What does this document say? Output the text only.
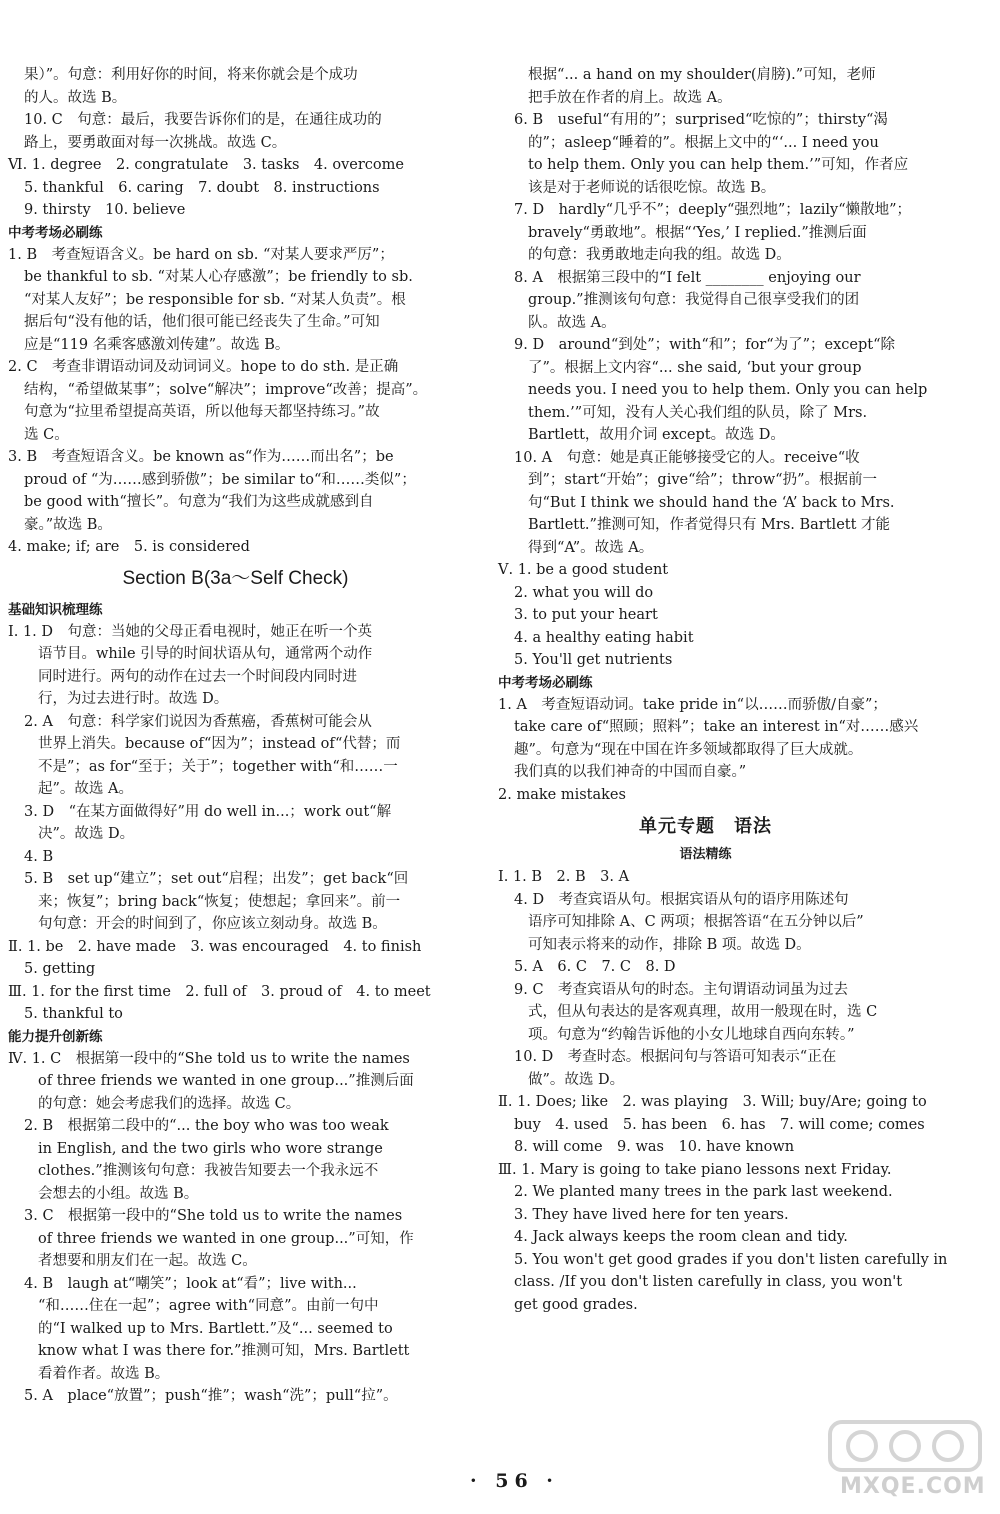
果）”。句意：利用好你的时间，将来你就会是个成功
的人。故选 B。
10. C　句意：最后，我要告诉你们的是，在通往成功的
路上，要勇敢面对每一次挑战。故选 C。
Ⅵ. 1. degree　2. congratulate　3. tasks　4. overcome
5. thankful　6. caring　7. doubt　8. instructions
9. thirsty　10. believe
中考考场必刷练
1. B　考查短语含义。be hard on sb. “对某人要求严厉”；
be thankful to sb. “对某人心存感激”；be friendly to sb.
“对某人友好”；be responsible for sb. “对某人负责”。根
据后句“没有他的话，他们很可能已经丧失了生命。”可知
应是“119 名乘客感激刘传建”。故选 B。
2. C　考查非谓语动词及动词词义。hope to do sth. 是正确
结构，“希望做某事”；solve“解决”；improve“改善；提高”。
句意为“拉里希望提高英语，所以他每天都坚持练习。”故
选 C。
3. B　考查短语含义。be known as“作为……而出名”；be
proud of “为……感到骄傲”；be similar to“和……类似”；
be good with“擅长”。句意为“我们为这些成就感到自
豪。”故选 B。
4. make; if; are　5. is considered
Section B(3a～Self Check)
基础知识梳理练
Ⅰ. 1. D　句意：当她的父母正看电视时，她正在听一个英
语节目。while 引导的时间状语从句，通常两个动作
同时进行。两句的动作在过去一个时间段内同时进
行，为过去进行时。故选 D。
2. A　句意：科学家们说因为香蕉癌，香蕉树可能会从
世界上消失。because of“因为”；instead of“代替；而
不是”；as for“至于；关于”；together with“和……一
起”。故选 A。
3. D　“在某方面做得好”用 do well in...；work out“解
决”。故选 D。
4. B
5. B　set up“建立”；set out“启程；出发”；get back“回
来；恢复”；bring back“恢复；使想起；拿回来”。前一
句句意：开会的时间到了，你应该立刻动身。故选 B。
Ⅱ. 1. be　2. have made　3. was encouraged　4. to finish
5. getting
Ⅲ. 1. for the first time　2. full of　3. proud of　4. to meet
5. thankful to
能力提升创新练
Ⅳ. 1. C　根据第一段中的“She told us to write the names
of three friends we wanted in one group...”推测后面
的句意：她会考虑我们的选择。故选 C。
2. B　根据第二段中的“... the boy who was too weak
in English, and the two girls who wore strange
clothes.”推测该句句意：我被告知要去一个我永远不
会想去的小组。故选 B。
3. C　根据第一段中的“She told us to write the names
of three friends we wanted in one group...”可知，作
者想要和朋友们在一起。故选 C。
4. B　laugh at“嘲笑”；look at“看”；live with...
“和……住在一起”；agree with“同意”。由前一句中
的“I walked up to Mrs. Bartlett.”及“... seemed to
know what I was there for.”推测可知，Mrs. Bartlett
看着作者。故选 B。
5. A　place“放置”；push“推”；wash“洗”；pull“拉”。
根据“... a hand on my shoulder(肩膀).”可知，老师
把手放在作者的肩上。故选 A。
6. B　useful“有用的”；surprised“吃惊的”；thirsty“渴
的”；asleep“睡着的”。根据上文中的“‘... I need you
to help them. Only you can help them.’”可知，作者应
该是对于老师说的话很吃惊。故选 B。
7. D　hardly“几乎不”；deeply“强烈地”；lazily“懒散地”；
bravely“勇敢地”。根据“‘Yes,’ I replied.”推测后面
的句意：我勇敢地走向我的组。故选 D。
8. A　根据第三段中的“I felt ________ enjoying our
group.”推测该句句意：我觉得自己很享受我们的团
队。故选 A。
9. D　around“到处”；with“和”；for“为了”；except“除
了”。根据上文内容“... she said, ‘but your group
needs you. I need you to help them. Only you can help
them.’”可知，没有人关心我们组的队员，除了 Mrs.
Bartlett，故用介词 except。故选 D。
10. A　句意：她是真正能够接受它的人。receive“收
到”；start“开始”；give“给”；throw“扔”。根据前一
句“But I think we should hand the ‘A’ back to Mrs.
Bartlett.”推测可知，作者觉得只有 Mrs. Bartlett 才能
得到“A”。故选 A。
Ⅴ. 1. be a good student
2. what you will do
3. to put your heart
4. a healthy eating habit
5. You'll get nutrients
中考考场必刷练
1. A　考查短语动词。take pride in“以……而骄傲/自豪”；
take care of“照顾；照料”；take an interest in“对……感兴
趣”。句意为“现在中国在许多领域都取得了巨大成就。
我们真的以我们神奇的中国而自豪。”
2. make mistakes
单元专题　语法
语法精练
Ⅰ. 1. B　2. B　3. A
4. D　考查宾语从句。根据宾语从句的语序用陈述句
语序可知排除 A、C 两项；根据答语“在五分钟以后”
可知表示将来的动作，排除 B 项。故选 D。
5. A　6. C　7. C　8. D
9. C　考查宾语从句的时态。主句谓语动词虽为过去
式，但从句表达的是客观真理，故用一般现在时，选 C
项。句意为“约翰告诉他的小女儿地球自西向东转。”
10. D　考查时态。根据问句与答语可知表示“正在
做”。故选 D。
Ⅱ. 1. Does; like　2. was playing　3. Will; buy/Are; going to
buy　4. used　5. has been　6. has　7. will come; comes
8. will come　9. was　10. have known
Ⅲ. 1. Mary is going to take piano lessons next Friday.
2. We planted many trees in the park last weekend.
3. They have lived here for ten years.
4. Jack always keeps the room clean and tidy.
5. You won't get good grades if you don't listen carefully in
class. /If you don't listen carefully in class, you won't
get good grades.
· 56 ·	MXQE.COM
